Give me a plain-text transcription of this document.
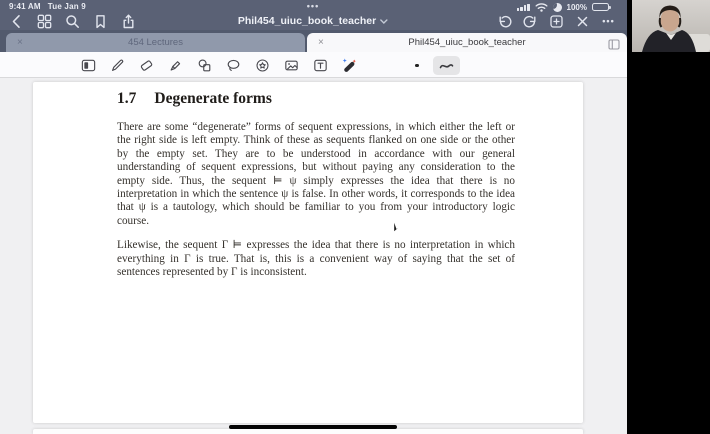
9:41 AM Tue Jan 9	•••	100%
Phil454_uiuc_book_teacher	•••
×	454 Lectures	×	Phil454_uiuc_book_teacher
1.7 Degenerate forms

There are some “degenerate” forms of sequent expressions, in which either the left or the right side is left empty. Think of these as sequents flanked on one side or the other by the empty set. They are to be understood in accordance with our general understanding of sequent expressions, but without paying any consideration to the empty side. Thus, the sequent ⊨ ψ simply expresses the idea that there is no interpretation in which the sentence ψ is false. In other words, it corresponds to the idea that ψ is a tautology, which should be familiar to you from your introductory logic course.

Likewise, the sequent Γ ⊨ expresses the idea that there is no interpretation in which everything in Γ is true. That is, this is a convenient way of saying that the set of sentences represented by Γ is inconsistent.
